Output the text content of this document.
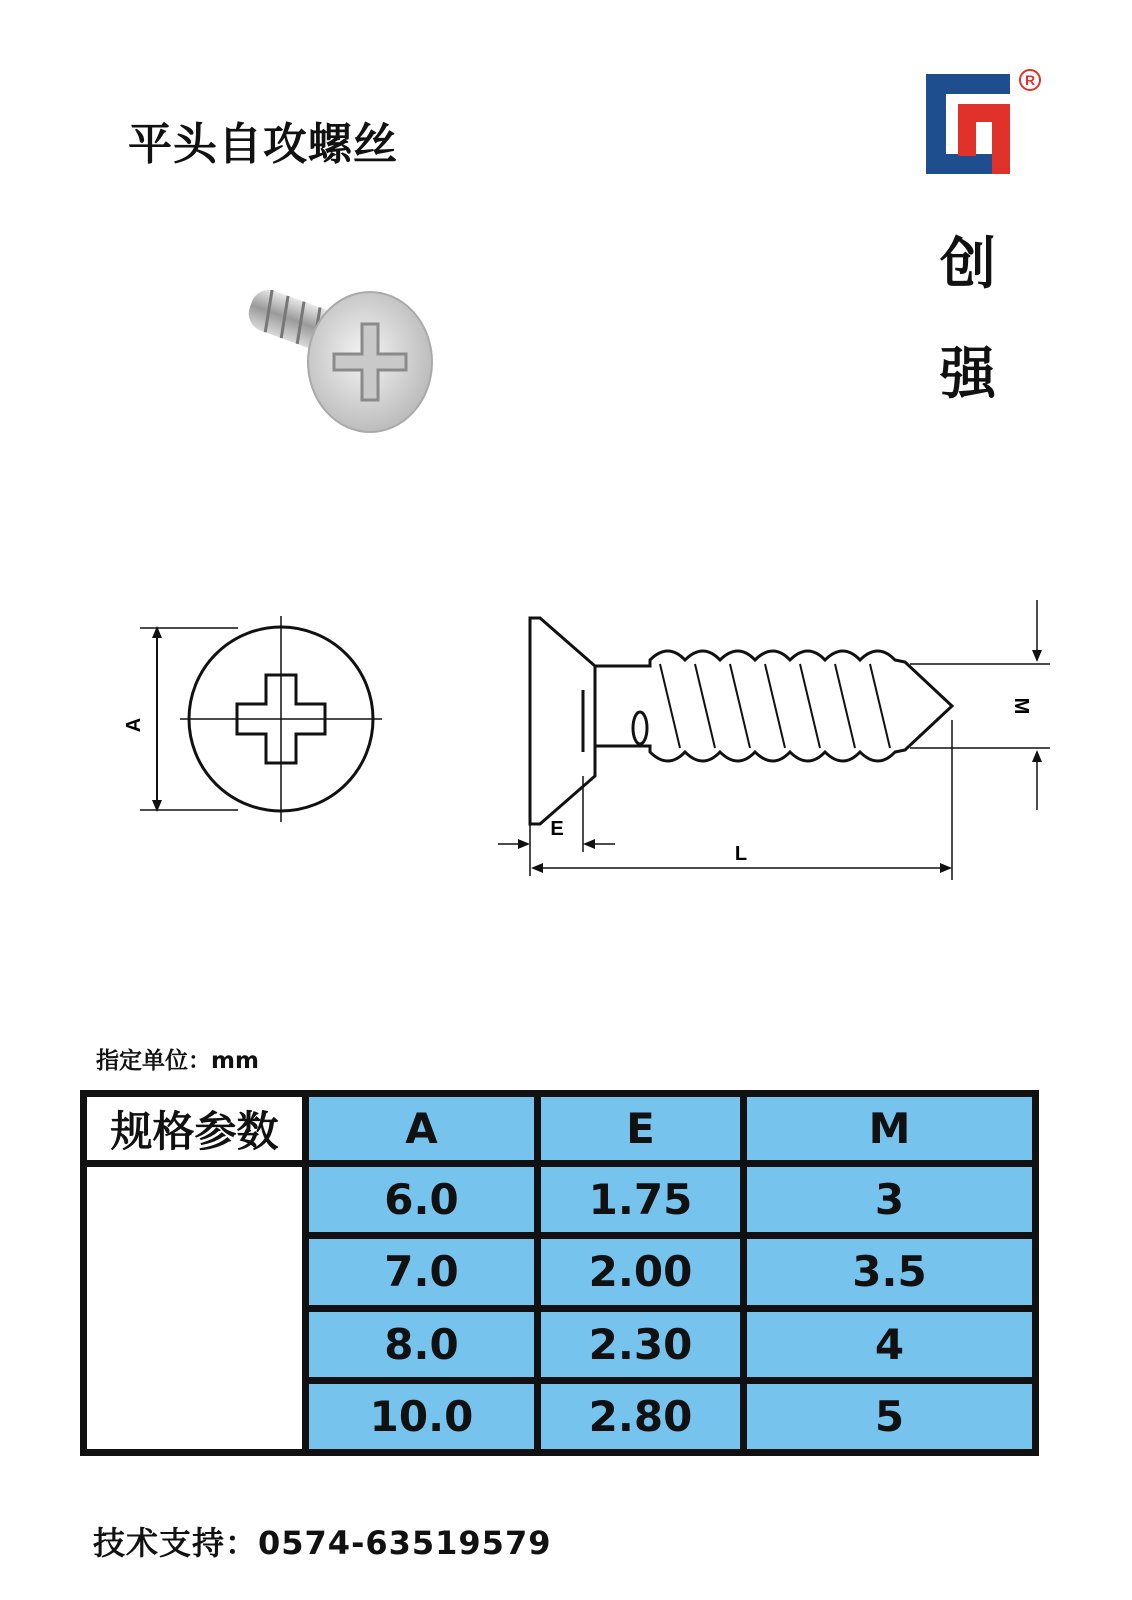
平头自攻螺丝
R
创
强
A
M
E
L
指定单位：mm
规格参数	A	E	M
	6.0	1.75	3
	7.0	2.00	3.5
	8.0	2.30	4
	10.0	2.80	5
技术支持：0574-63519579
